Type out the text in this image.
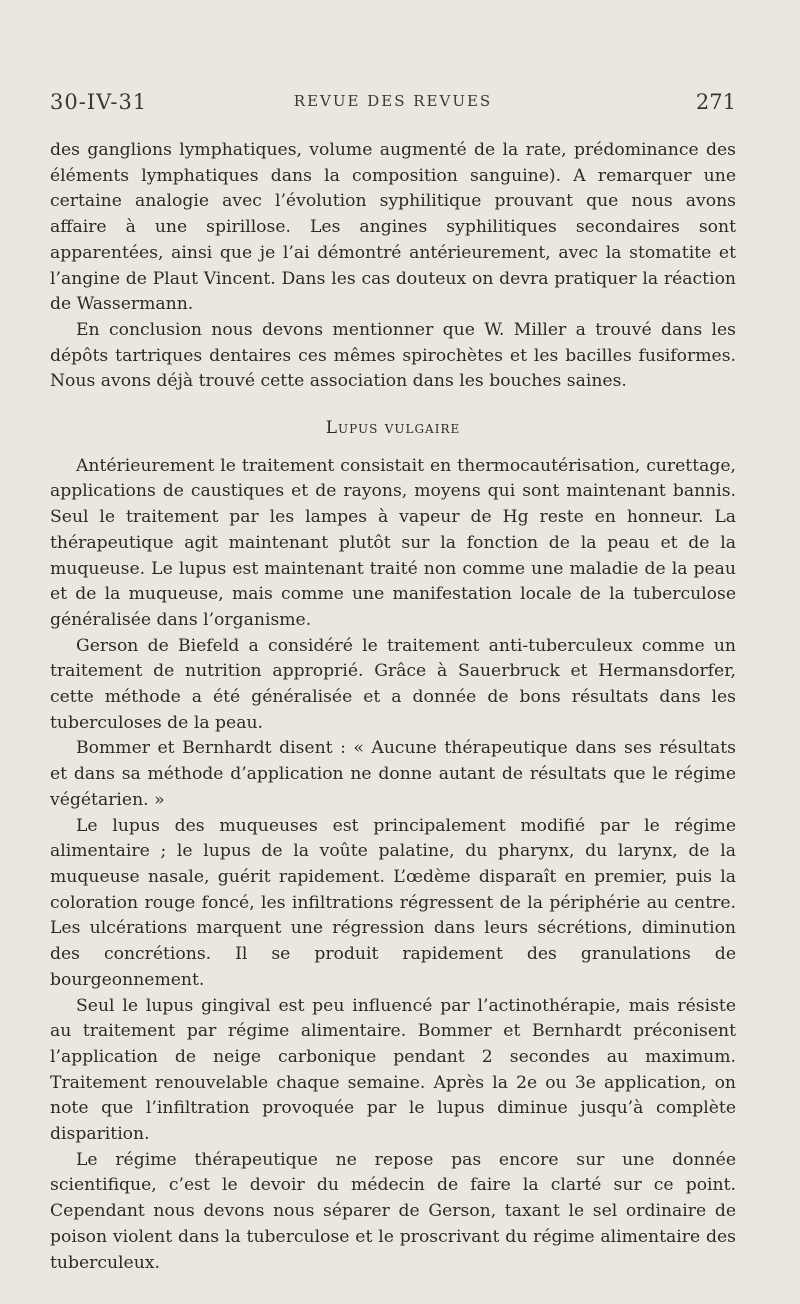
30-IV-31	REVUE DES REVUES	271

des ganglions lymphatiques, volume augmenté de la rate, prédominance des éléments lymphatiques dans la composition sanguine). A remarquer une certaine analogie avec l’évolution syphilitique prouvant que nous avons affaire à une spirillose. Les angines syphilitiques secondaires sont apparentées, ainsi que je l’ai démontré antérieurement, avec la stomatite et l’angine de Plaut Vincent. Dans les cas douteux on devra pratiquer la réaction de Wassermann.

En conclusion nous devons mentionner que W. Miller a trouvé dans les dépôts tartriques dentaires ces mêmes spirochètes et les bacilles fusiformes. Nous avons déjà trouvé cette association dans les bouches saines.

Lupus vulgaire

Antérieurement le traitement consistait en thermocautérisation, curettage, applications de caustiques et de rayons, moyens qui sont maintenant bannis. Seul le traitement par les lampes à vapeur de Hg reste en honneur. La thérapeutique agit maintenant plutôt sur la fonction de la peau et de la muqueuse. Le lupus est maintenant traité non comme une maladie de la peau et de la muqueuse, mais comme une manifestation locale de la tuberculose généralisée dans l’organisme.

Gerson de Biefeld a considéré le traitement anti-tuberculeux comme un traitement de nutrition approprié. Grâce à Sauerbruck et Hermansdorfer, cette méthode a été généralisée et a donnée de bons résultats dans les tuberculoses de la peau.

Bommer et Bernhardt disent : « Aucune thérapeutique dans ses résultats et dans sa méthode d’application ne donne autant de résultats que le régime végétarien. »

Le lupus des muqueuses est principalement modifié par le régime alimentaire ; le lupus de la voûte palatine, du pharynx, du larynx, de la muqueuse nasale, guérit rapidement. L’œdème disparaît en premier, puis la coloration rouge foncé, les infiltrations régressent de la périphérie au centre. Les ulcérations marquent une régression dans leurs sécrétions, diminution des concrétions. Il se produit rapidement des granulations de bourgeonnement.

Seul le lupus gingival est peu influencé par l’actinothérapie, mais résiste au traitement par régime alimentaire. Bommer et Bernhardt préconisent l’application de neige carbonique pendant 2 secondes au maximum. Traitement renouvelable chaque semaine. Après la 2e ou 3e application, on note que l’infiltration provoquée par le lupus diminue jusqu’à complète disparition.

Le régime thérapeutique ne repose pas encore sur une donnée scientifique, c’est le devoir du médecin de faire la clarté sur ce point. Cependant nous devons nous séparer de Gerson, taxant le sel ordinaire de poison violent dans la tuberculose et le proscrivant du régime alimentaire des tuberculeux.
